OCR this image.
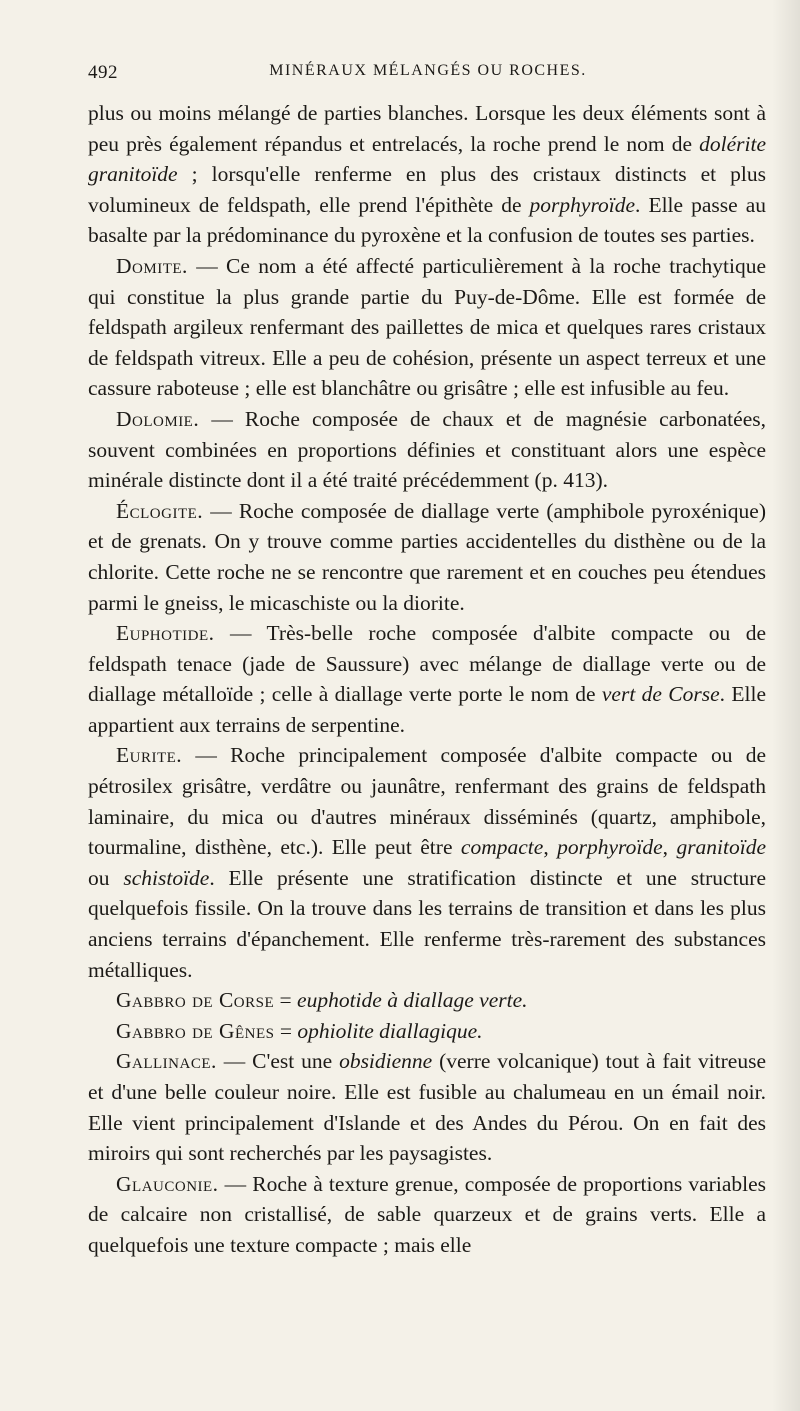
492	MINÉRAUX MÉLANGÉS OU ROCHES.

plus ou moins mélangé de parties blanches. Lorsque les deux éléments sont à peu près également répandus et entrelacés, la roche prend le nom de dolérite granitoïde ; lorsqu'elle renferme en plus des cristaux distincts et plus volumineux de feldspath, elle prend l'épithète de porphyroïde. Elle passe au basalte par la prédominance du pyroxène et la confusion de toutes ses parties.

Domite. — Ce nom a été affecté particulièrement à la roche trachytique qui constitue la plus grande partie du Puy-de-Dôme. Elle est formée de feldspath argileux renfermant des paillettes de mica et quelques rares cristaux de feldspath vitreux. Elle a peu de cohésion, présente un aspect terreux et une cassure raboteuse ; elle est blanchâtre ou grisâtre ; elle est infusible au feu.

Dolomie. — Roche composée de chaux et de magnésie carbonatées, souvent combinées en proportions définies et constituant alors une espèce minérale distincte dont il a été traité précédemment (p. 413).

Éclogite. — Roche composée de diallage verte (amphibole pyroxénique) et de grenats. On y trouve comme parties accidentelles du disthène ou de la chlorite. Cette roche ne se rencontre que rarement et en couches peu étendues parmi le gneiss, le micaschiste ou la diorite.

Euphotide. — Très-belle roche composée d'albite compacte ou de feldspath tenace (jade de Saussure) avec mélange de diallage verte ou de diallage métalloïde ; celle à diallage verte porte le nom de vert de Corse. Elle appartient aux terrains de serpentine.

Eurite. — Roche principalement composée d'albite compacte ou de pétrosilex grisâtre, verdâtre ou jaunâtre, renfermant des grains de feldspath laminaire, du mica ou d'autres minéraux disséminés (quartz, amphibole, tourmaline, disthène, etc.). Elle peut être compacte, porphyroïde, granitoïde ou schistoïde. Elle présente une stratification distincte et une structure quelquefois fissile. On la trouve dans les terrains de transition et dans les plus anciens terrains d'épanchement. Elle renferme très-rarement des substances métalliques.

Gabbro de Corse = euphotide à diallage verte.

Gabbro de Gênes = ophiolite diallagique.

Gallinace. — C'est une obsidienne (verre volcanique) tout à fait vitreuse et d'une belle couleur noire. Elle est fusible au chalumeau en un émail noir. Elle vient principalement d'Islande et des Andes du Pérou. On en fait des miroirs qui sont recherchés par les paysagistes.

Glauconie. — Roche à texture grenue, composée de proportions variables de calcaire non cristallisé, de sable quarzeux et de grains verts. Elle a quelquefois une texture compacte ; mais elle
